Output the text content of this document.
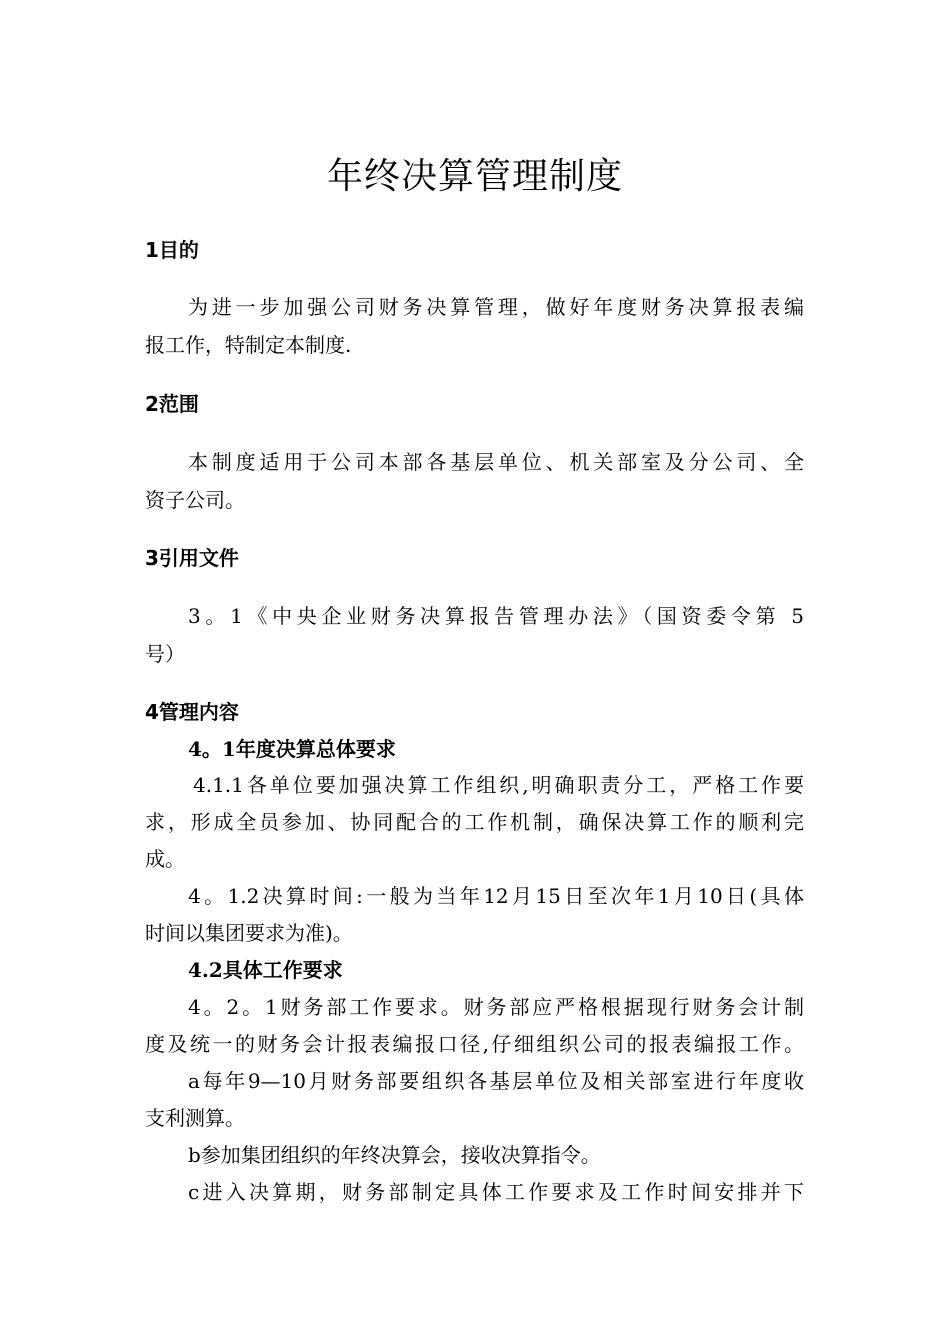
年终决算管理制度
1目的

为进一步加强公司财务决算管理，做好年度财务决算报表编

报工作，特制定本制度.

2范围

本制度适用于公司本部各基层单位、机关部室及分公司、全

资子公司。

3引用文件

3。1《中央企业财务决算报告管理办法》（国资委令第 5

号）

4管理内容
4。1年度决算总体要求

4.1.1各单位要加强决算工作组织,明确职责分工，严格工作要

求，形成全员参加、协同配合的工作机制，确保决算工作的顺利完

成。

4。1.2决算时间:一般为当年12月15日至次年1月10日(具体

时间以集团要求为准)。

4.2具体工作要求

4。2。1财务部工作要求。财务部应严格根据现行财务会计制

度及统一的财务会计报表编报口径,仔细组织公司的报表编报工作。

a每年9—10月财务部要组织各基层单位及相关部室进行年度收

支利测算。

b参加集团组织的年终决算会，接收决算指令。

c进入决算期，财务部制定具体工作要求及工作时间安排并下
